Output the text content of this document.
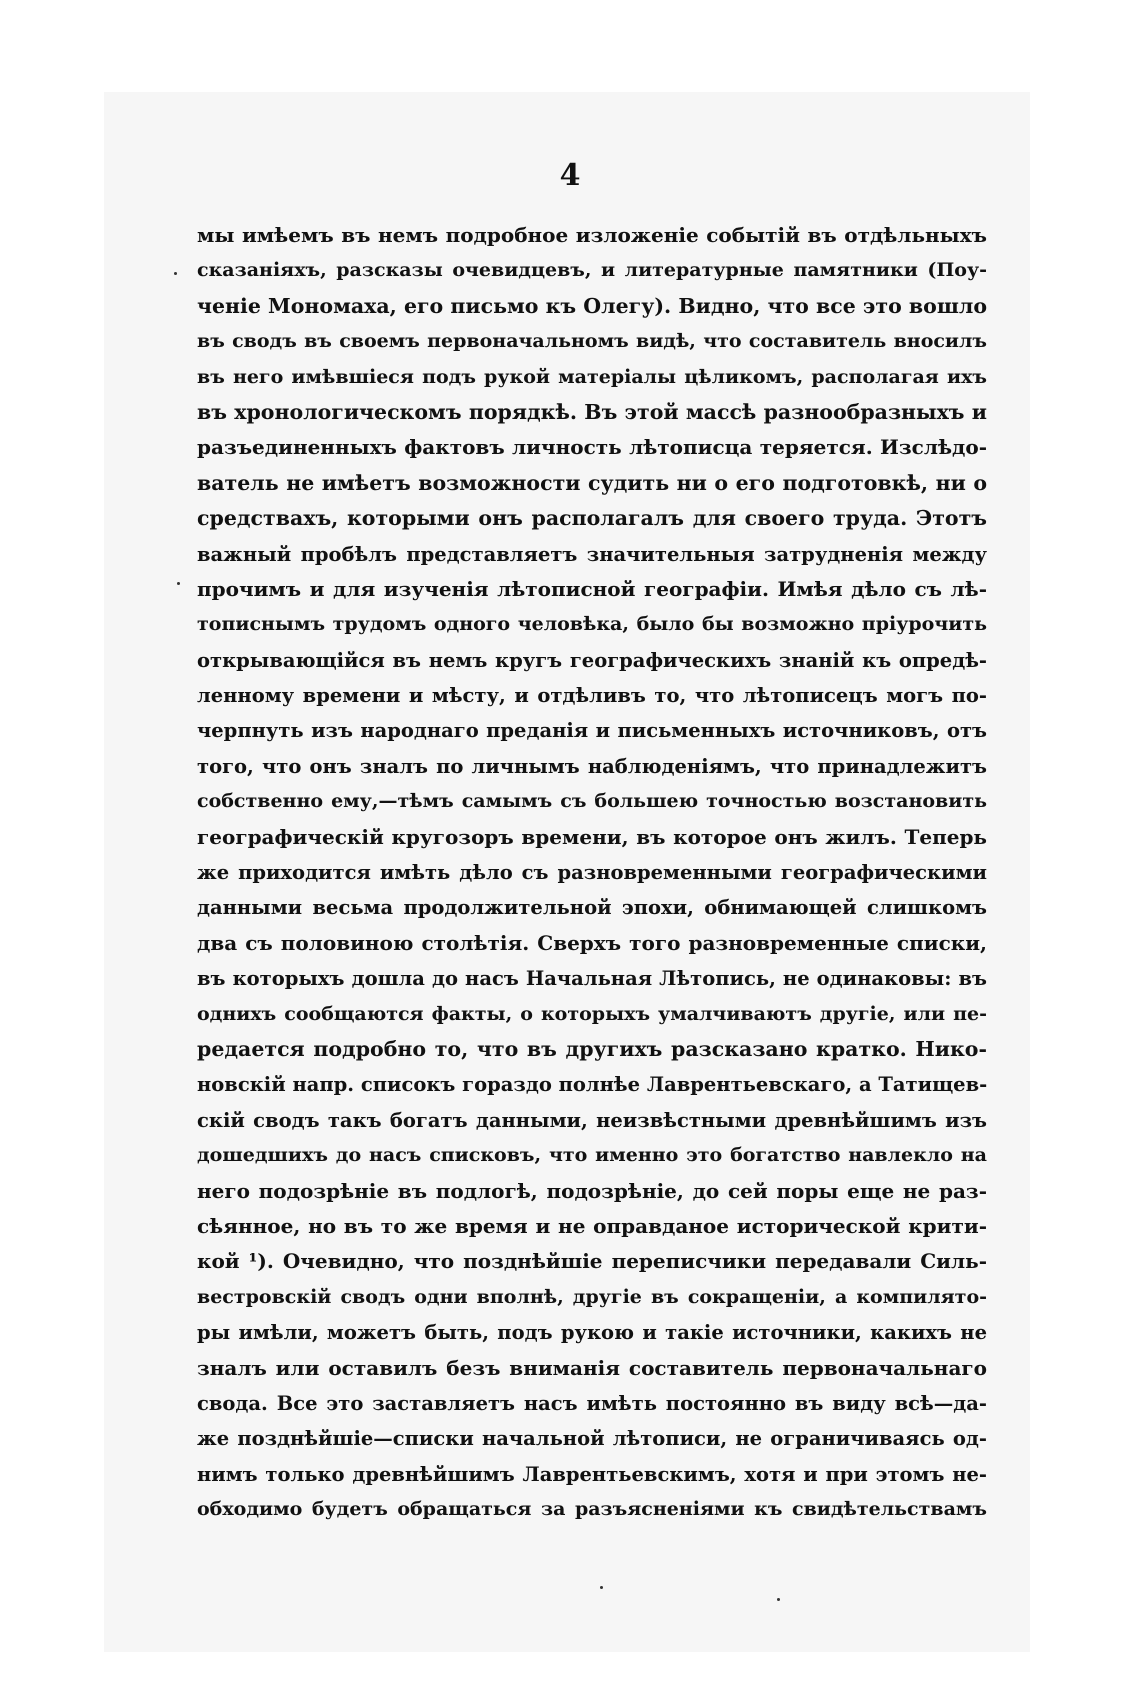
4
мы имѣемъ въ немъ подробное изложеніе событій въ отдѣльныхъ
сказаніяхъ, разсказы очевидцевъ, и литературные памятники (Поу-
ченіе Мономаха, его письмо къ Олегу). Видно, что все это вошло
въ сводъ въ своемъ первоначальномъ видѣ, что составитель вносилъ
въ него имѣвшіеся подъ рукой матеріалы цѣликомъ, располагая ихъ
въ хронологическомъ порядкѣ. Въ этой массѣ разнообразныхъ и
разъединенныхъ фактовъ личность лѣтописца теряется. Изслѣдо-
ватель не имѣетъ возможности судить ни о его подготовкѣ, ни о
средствахъ, которыми онъ располагалъ для своего труда. Этотъ
важный пробѣлъ представляетъ значительныя затрудненія между
прочимъ и для изученія лѣтописной географіи. Имѣя дѣло съ лѣ-
тописнымъ трудомъ одного человѣка, было бы возможно пріурочить
открывающійся въ немъ кругъ географическихъ знаній къ опредѣ-
ленному времени и мѣсту, и отдѣливъ то, что лѣтописецъ могъ по-
черпнуть изъ народнаго преданія и письменныхъ источниковъ, отъ
того, что онъ зналъ по личнымъ наблюденіямъ, что принадлежитъ
собственно ему,—тѣмъ самымъ съ большею точностью возстановить
географическій кругозоръ времени, въ которое онъ жилъ. Теперь
же приходится имѣть дѣло съ разновременными географическими
данными весьма продолжительной эпохи, обнимающей слишкомъ
два съ половиною столѣтія. Сверхъ того разновременные списки,
въ которыхъ дошла до насъ Начальная Лѣтопись, не одинаковы: въ
однихъ сообщаются факты, о которыхъ умалчиваютъ другіе, или пе-
редается подробно то, что въ другихъ разсказано кратко. Нико-
новскій напр. списокъ гораздо полнѣе Лаврентьевскаго, а Татищев-
скій сводъ такъ богатъ данными, неизвѣстными древнѣйшимъ изъ
дошедшихъ до насъ списковъ, что именно это богатство навлекло на
него подозрѣніе въ подлогѣ, подозрѣніе, до сей поры еще не раз-
сѣянное, но въ то же время и не оправданое исторической крити-
кой ¹). Очевидно, что позднѣйшіе переписчики передавали Силь-
вестровскій сводъ одни вполнѣ, другіе въ сокращеніи, а компилято-
ры имѣли, можетъ быть, подъ рукою и такіе источники, какихъ не
зналъ или оставилъ безъ вниманія составитель первоначальнаго
свода. Все это заставляетъ насъ имѣть постоянно въ виду всѣ—да-
же позднѣйшіе—списки начальной лѣтописи, не ограничиваясь од-
нимъ только древнѣйшимъ Лаврентьевскимъ, хотя и при этомъ не-
обходимо будетъ обращаться за разъясненіями къ свидѣтельствамъ
